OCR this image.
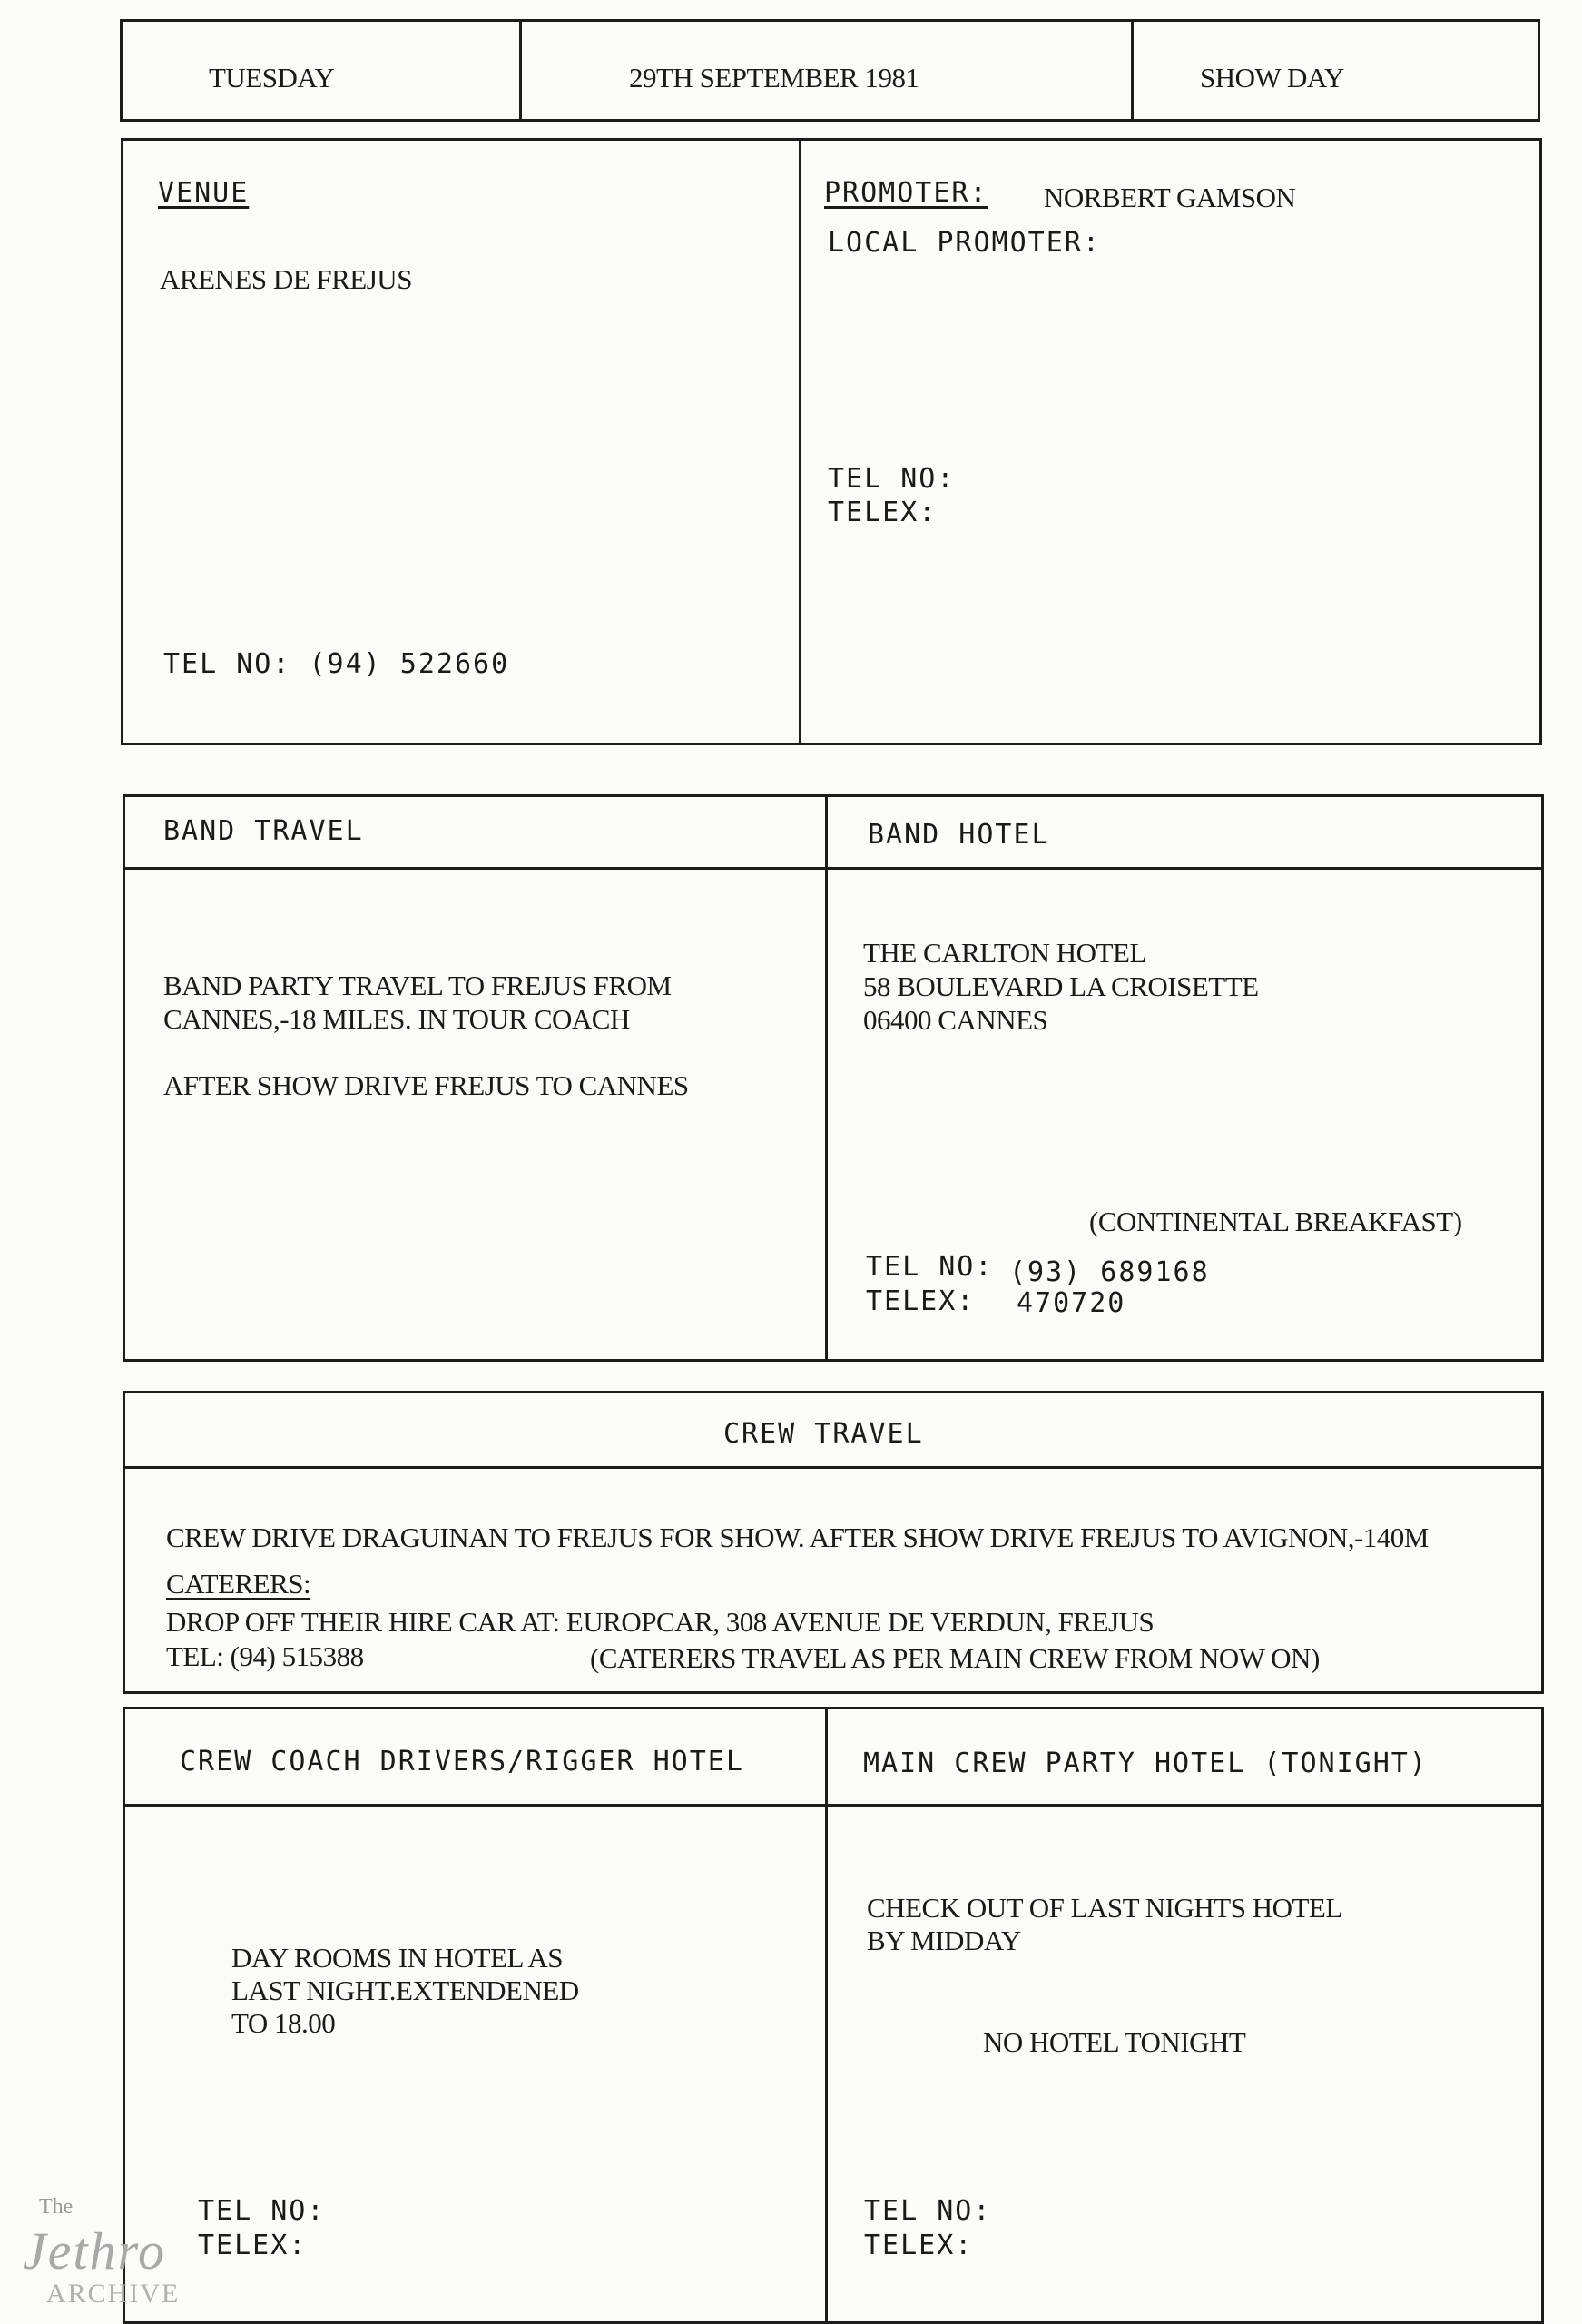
TUESDAY	29TH SEPTEMBER 1981	SHOW DAY
VENUE
ARENES DE FREJUS
TEL NO: (94) 522660
PROMOTER: NORBERT GAMSON
LOCAL PROMOTER:
TEL NO:
TELEX:
BAND TRAVEL
BAND PARTY TRAVEL TO FREJUS FROM
CANNES,-18 MILES. IN TOUR COACH
AFTER SHOW DRIVE FREJUS TO CANNES
BAND HOTEL
THE CARLTON HOTEL
58 BOULEVARD LA CROISETTE
06400 CANNES
(CONTINENTAL BREAKFAST)
TEL NO: (93) 689168
TELEX: 470720
CREW TRAVEL
CREW DRIVE DRAGUINAN TO FREJUS FOR SHOW. AFTER SHOW DRIVE FREJUS TO AVIGNON,-140M
CATERERS:
DROP OFF THEIR HIRE CAR AT: EUROPCAR, 308 AVENUE DE VERDUN, FREJUS
TEL: (94) 515388	(CATERERS TRAVEL AS PER MAIN CREW FROM NOW ON)
CREW COACH DRIVERS/RIGGER HOTEL
DAY ROOMS IN HOTEL AS
LAST NIGHT.EXTENDENED
TO 18.00
TEL NO:
TELEX:
MAIN CREW PARTY HOTEL (TONIGHT)
CHECK OUT OF LAST NIGHTS HOTEL
BY MIDDAY
NO HOTEL TONIGHT
TEL NO:
TELEX:
The
Jethro
ARCHIVE
